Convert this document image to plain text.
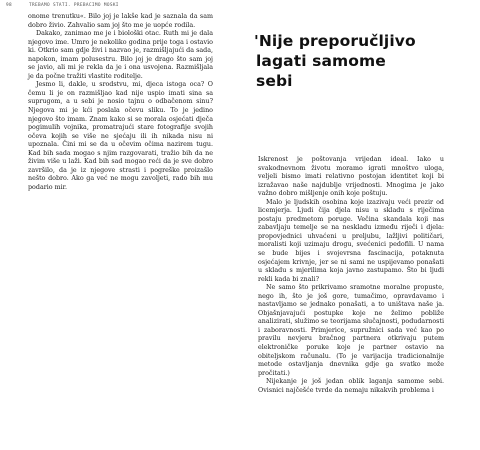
98	TREBAMO STATI. PREBACIMO MOSKI

onome trenutku«. Bilo joj je lakše kad je saznala da sam dobro živio. Zahvalio sam joj što me je uopće rodila.

Dakako, zanimao me je i biološki otac. Ruth mi je dala njegovo ime. Umro je nekoliko godina prije toga i ostavio ki. Otkrio sam gdje živi i nazvao je, razmišljajući da sada, napokon, imam polusestru. Bilo joj je drago što sam joj se javio, ali mi je rekla da je i ona usvojena. Razmišljala je da počne tražiti vlastite roditelje.

Jesmo li, dakle, u srodstvu, mi, djeca istoga oca? O čemu li je on razmišljao kad nije uspio imati sina sa suprugom, a u sebi je nosio tajnu o odbačenom sinu? Njegova mi je kći poslala očevu sliku. To je jedino njegovo što imam. Znam kako si se morala osjećati dječa pogimulih vojnika, promatrajući stare fotografije svojih očeva kojih se više ne sjećaju ili ih nikada nisu ni upoznala. Čini mi se da u očevim očima nazirem tugu. Kad bih sada mogao s njim razgovarati, tražio bih da ne živim više u laži. Kad bih sad mogao reći da je sve dobro završilo, da je iz njegove strasti i pogreške proizašlo nešto dobro. Ako ga već ne mogu zavoljeti, rado bih mu podario mir.

'Nije preporučljivo
lagati samome
sebi

Iskrenost je poštovanja vrijedan ideal. Iako u svakodnevnom životu moramo igrati mnoštvo uloga, veljeli bismo imati relativno postojan identitet koji bi izražavao naše najdublje vrijednosti. Mnogima je jako važno dobro mišljenje onih koje poštuju.

Malo je ljudskih osobina koje izazivaju veći prezir od licemjerja. Ljudi čija djela nisu u skladu s riječima postaju predmetom poruge. Večina skandala koji nas zabavljaju temelje se na neskladu između riječi i djela: propovjednici uhvaćeni u preljubu, lažljivi političari, moralisti koji uzimaju drogu, svećenici pedofili. U nama se bude bijes i svojevrsna fascinacija, potaknuta osjećajem krivnje, jer se ni sami ne uspijevamo ponašati u skladu s mjerilima koja javno zastupamo. Što bi ljudi rekli kada bi znali?

Ne samo što prikrivamo sramotne moralne propuste, nego ih, što je još gore, tumačimo, opravdavamo i nastavljamo se jednako ponašati, a to uništava naše ja. Objašnjavajući postupke koje ne želimo pobliže analizirati, služimo se teorijama slučajnosti, podudarnosti i zaboravnosti. Primjerice, supružnici sada već kao po pravilu nevjeru bračnog partnera otkrivaju putem elektroničke poruke koje je partner ostavio na obiteljskom računalu. (To je varijacija tradicionalnije metode ostavljanja dnevnika gdje ga svatko može pročitati.)

Nijekanje je još jedan oblik laganja samome sebi. Ovisnici najčešće tvrde da nemaju nikakvih problema i
